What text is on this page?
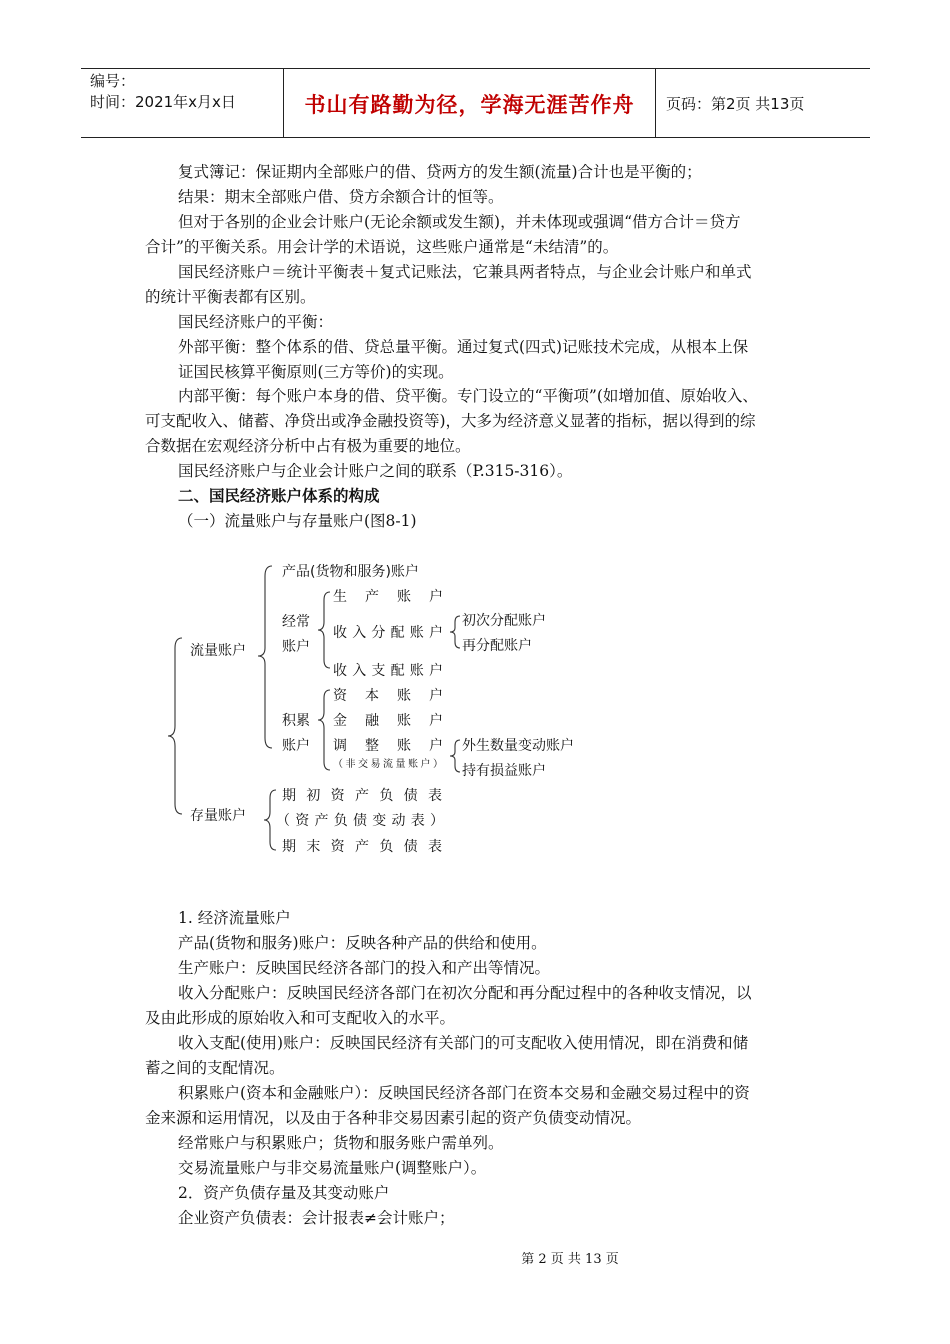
编号：
时间：2021年x月x日	书山有路勤为径，学海无涯苦作舟	页码：第2页 共13页
复式簿记：保证期内全部账户的借、贷两方的发生额(流量)合计也是平衡的；
结果：期末全部账户借、贷方余额合计的恒等。
但对于各别的企业会计账户(无论余额或发生额)，并未体现或强调“借方合计＝贷方
合计”的平衡关系。用会计学的术语说，这些账户通常是“未结清”的。
国民经济账户＝统计平衡表＋复式记账法，它兼具两者特点，与企业会计账户和单式
的统计平衡表都有区别。
国民经济账户的平衡：
外部平衡：整个体系的借、贷总量平衡。通过复式(四式)记账技术完成，从根本上保
证国民核算平衡原则(三方等价)的实现。
内部平衡：每个账户本身的借、贷平衡。专门设立的“平衡项”(如增加值、原始收入、
可支配收入、储蓄、净贷出或净金融投资等)，大多为经济意义显著的指标，据以得到的综
合数据在宏观经济分析中占有极为重要的地位。
国民经济账户与企业会计账户之间的联系（P.315-316）。
二、国民经济账户体系的构成
（一）流量账户与存量账户(图8-1)
1. 经济流量账户
产品(货物和服务)账户：反映各种产品的供给和使用。
生产账户：反映国民经济各部门的投入和产出等情况。
收入分配账户：反映国民经济各部门在初次分配和再分配过程中的各种收支情况，以
及由此形成的原始收入和可支配收入的水平。
收入支配(使用)账户：反映国民经济有关部门的可支配收入使用情况，即在消费和储
蓄之间的支配情况。
积累账户(资本和金融账户）：反映国民经济各部门在资本交易和金融交易过程中的资
金来源和运用情况，以及由于各种非交易因素引起的资产负债变动情况。
经常账户与积累账户；货物和服务账户需单列。
交易流量账户与非交易流量账户(调整账户）。
2．资产负债存量及其变动账户
企业资产负债表：会计报表≠会计账户；
流量账户
存量账户
产品(货物和服务)账户
经常
账户
生 产 账 户
收入分配账户
初次分配账户
再分配账户
收入支配账户
积累
账户
资 本 账 户
金 融 账 户
调 整 账 户
（非交易流量账户）
外生数量变动账户
持有损益账户
期初资产负债表
（资产负债变动表）
期末资产负债表
第 2 页 共 13 页
